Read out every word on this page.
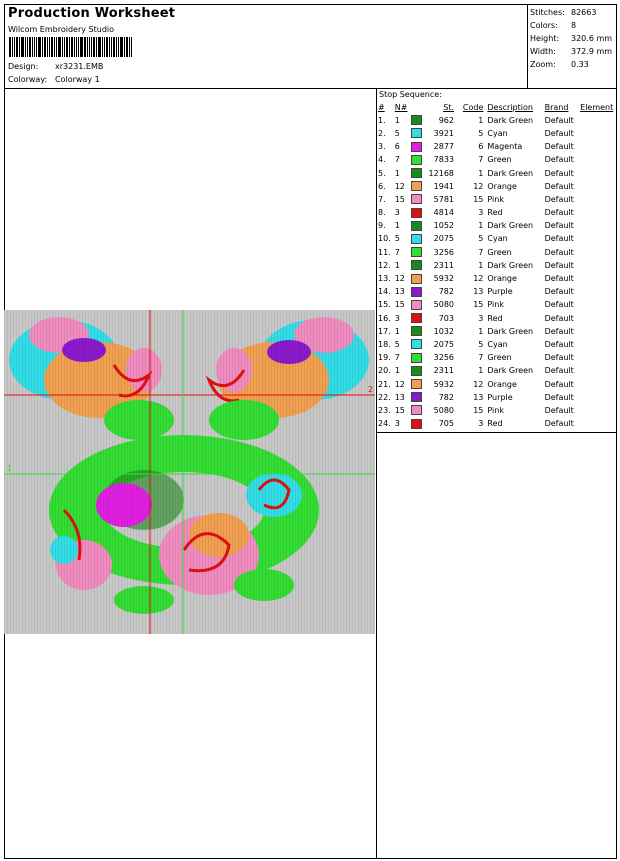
Production Worksheet
Wilcom Embroidery Studio
Design: xr3231.EMB
Colorway: Colorway 1
Stitches: 82663
Colors: 8
Height: 320.6 mm
Width: 372.9 mm
Zoom: 0.33
Stop Sequence:
#	N#		St.	Code	Description	Brand	Element
1.	1		962	1	Dark Green	Default	
2.	5		3921	5	Cyan	Default	
3.	6		2877	6	Magenta	Default	
4.	7		7833	7	Green	Default	
5.	1		12168	1	Dark Green	Default	
6.	12		1941	12	Orange	Default	
7.	15		5781	15	Pink	Default	
8.	3		4814	3	Red	Default	
9.	1		1052	1	Dark Green	Default	
10.	5		2075	5	Cyan	Default	
11.	7		3256	7	Green	Default	
12.	1		2311	1	Dark Green	Default	
13.	12		5932	12	Orange	Default	
14.	13		782	13	Purple	Default	
15.	15		5080	15	Pink	Default	
16.	3		703	3	Red	Default	
17.	1		1032	1	Dark Green	Default	
18.	5		2075	5	Cyan	Default	
19.	7		3256	7	Green	Default	
20.	1		2311	1	Dark Green	Default	
21.	12		5932	12	Orange	Default	
22.	13		782	13	Purple	Default	
23.	15		5080	15	Pink	Default	
24.	3		705	3	Red	Default	
2
1
